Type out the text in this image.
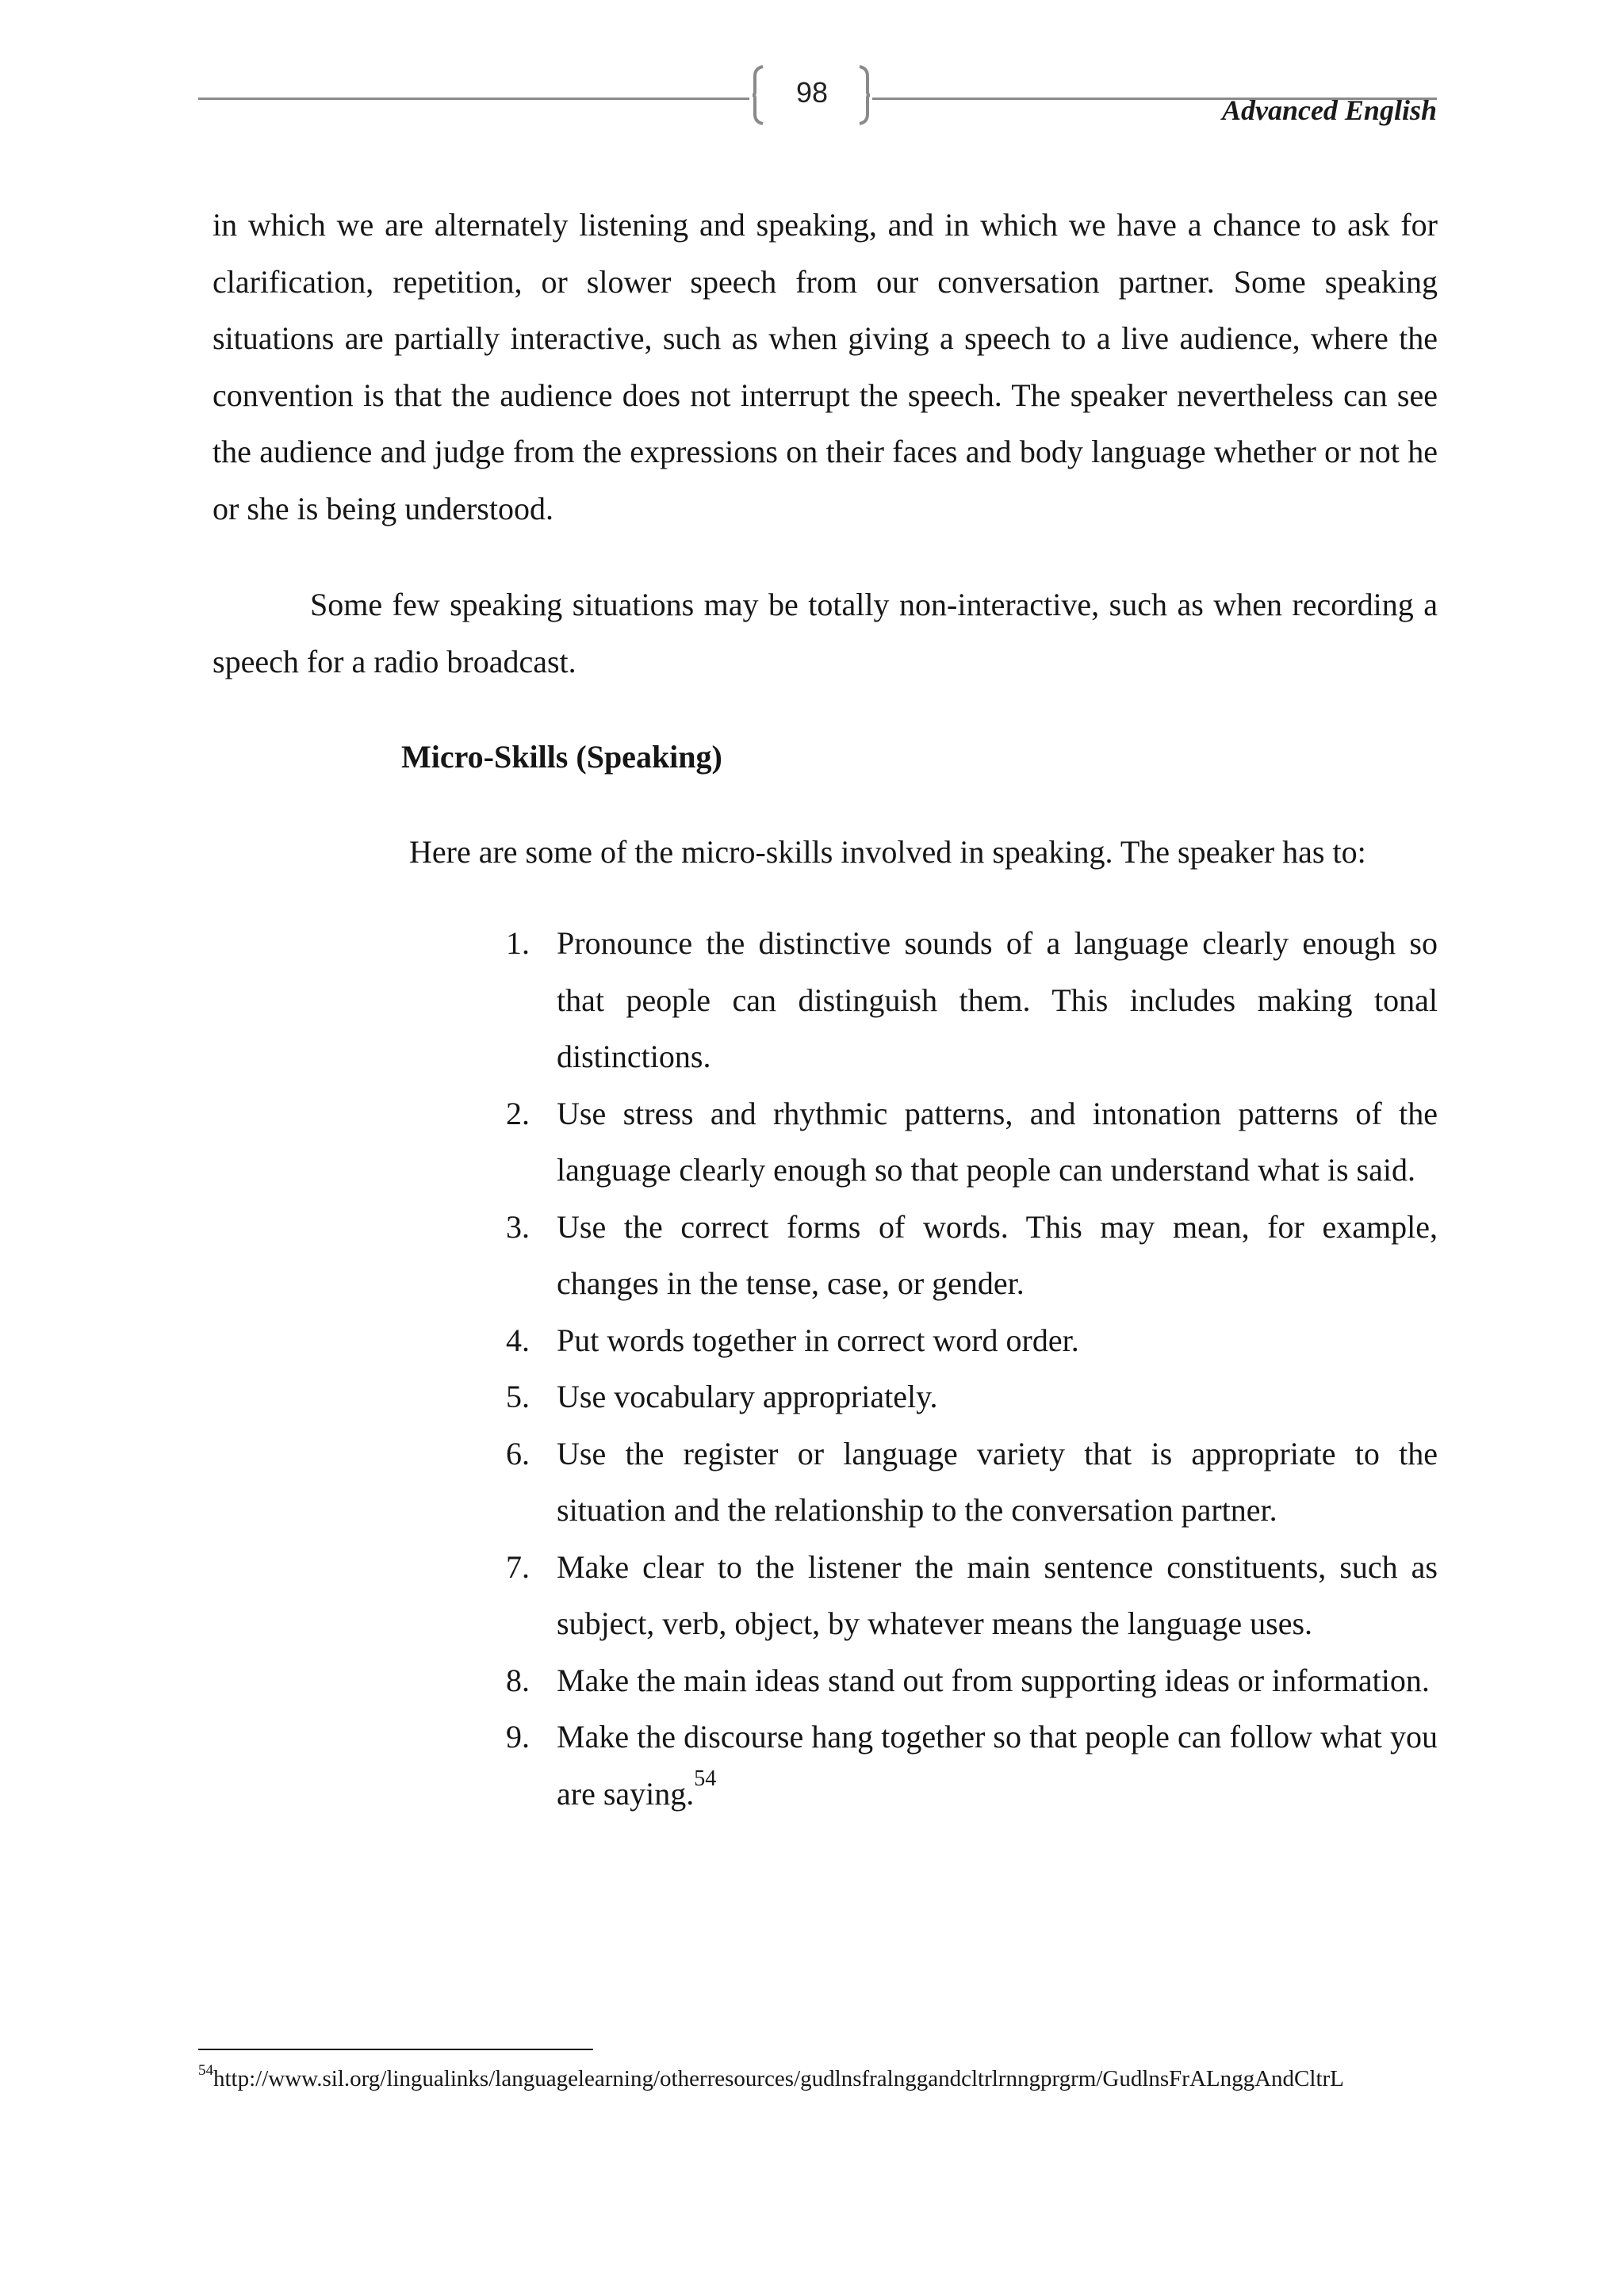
98
Advanced English

in which we are alternately listening and speaking, and in which we have a chance to ask for clarification, repetition, or slower speech from our conversation partner. Some speaking situations are partially interactive, such as when giving a speech to a live audience, where the convention is that the audience does not interrupt the speech. The speaker nevertheless can see the audience and judge from the expressions on their faces and body language whether or not he or she is being understood.

Some few speaking situations may be totally non-interactive, such as when recording a speech for a radio broadcast.

Micro-Skills (Speaking)

Here are some of the micro-skills involved in speaking. The speaker has to:

1. Pronounce the distinctive sounds of a language clearly enough so that people can distinguish them. This includes making tonal distinctions.
2. Use stress and rhythmic patterns, and intonation patterns of the language clearly enough so that people can understand what is said.
3. Use the correct forms of words. This may mean, for example, changes in the tense, case, or gender.
4. Put words together in correct word order.
5. Use vocabulary appropriately.
6. Use the register or language variety that is appropriate to the situation and the relationship to the conversation partner.
7. Make clear to the listener the main sentence constituents, such as subject, verb, object, by whatever means the language uses.
8. Make the main ideas stand out from supporting ideas or information.
9. Make the discourse hang together so that people can follow what you are saying.$^{54}$

$^{54}$http://www.sil.org/lingualinks/languagelearning/otherresources/gudlnsfralnggandcltrlrnngprgrm/GudlnsFrALnggAndCltrL
